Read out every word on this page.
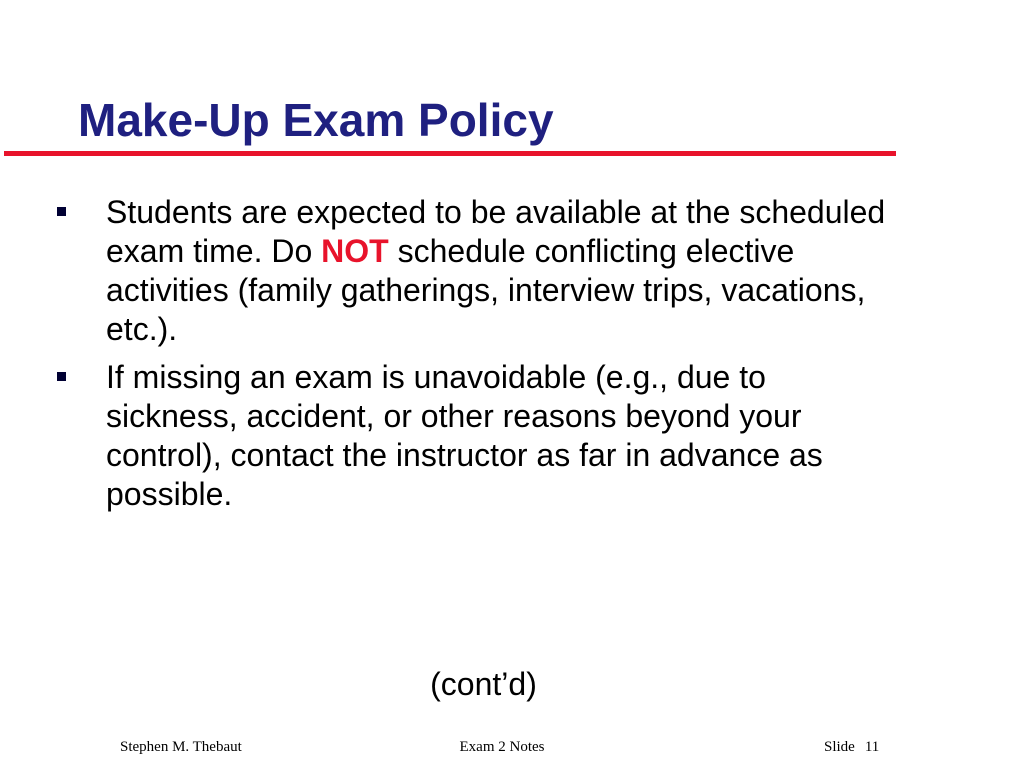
Make-Up Exam Policy
Students are expected to be available at the scheduled exam time. Do NOT schedule conflicting elective activities (family gatherings, interview trips, vacations, etc.).
If missing an exam is unavoidable (e.g., due to sickness, accident, or other reasons beyond your control), contact the instructor as far in advance as possible.
(cont’d)
Stephen M. Thebaut	Exam 2 Notes	Slide 11
